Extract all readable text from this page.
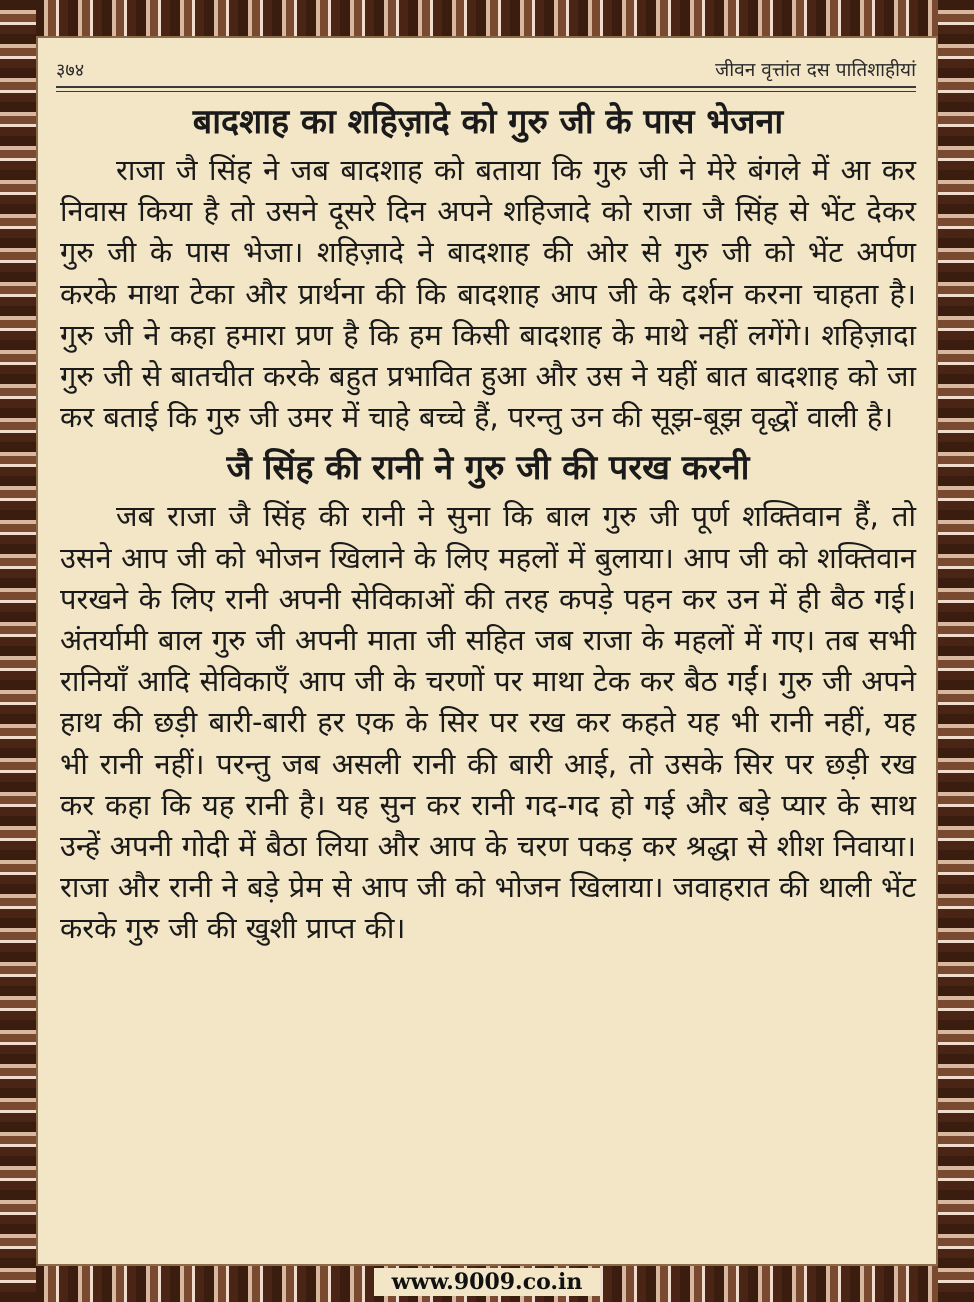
३७४	जीवन वृत्तांत दस पातिशाहीयां
बादशाह का शहिज़ादे को गुरु जी के पास भेजना

राजा जै सिंह ने जब बादशाह को बताया कि गुरु जी ने मेरे बंगले में आ कर निवास किया है तो उसने दूसरे दिन अपने शहिजादे को राजा जै सिंह से भेंट देकर गुरु जी के पास भेजा। शहिज़ादे ने बादशाह की ओर से गुरु जी को भेंट अर्पण करके माथा टेका और प्रार्थना की कि बादशाह आप जी के दर्शन करना चाहता है। गुरु जी ने कहा हमारा प्रण है कि हम किसी बादशाह के माथे नहीं लगेंगे। शहिज़ादा गुरु जी से बातचीत करके बहुत प्रभावित हुआ और उस ने यहीं बात बादशाह को जा कर बताई कि गुरु जी उमर में चाहे बच्चे हैं, परन्तु उन की सूझ-बूझ वृद्धों वाली है।

जै सिंह की रानी ने गुरु जी की परख करनी

जब राजा जै सिंह की रानी ने सुना कि बाल गुरु जी पूर्ण शक्तिवान हैं, तो उसने आप जी को भोजन खिलाने के लिए महलों में बुलाया। आप जी को शक्तिवान परखने के लिए रानी अपनी सेविकाओं की तरह कपड़े पहन कर उन में ही बैठ गई। अंतर्यामी बाल गुरु जी अपनी माता जी सहित जब राजा के महलों में गए। तब सभी रानियाँ आदि सेविकाएँ आप जी के चरणों पर माथा टेक कर बैठ गईं। गुरु जी अपने हाथ की छड़ी बारी-बारी हर एक के सिर पर रख कर कहते यह भी रानी नहीं, यह भी रानी नहीं। परन्तु जब असली रानी की बारी आई, तो उसके सिर पर छड़ी रख कर कहा कि यह रानी है। यह सुन कर रानी गद-गद हो गई और बड़े प्यार के साथ उन्हें अपनी गोदी में बैठा लिया और आप के चरण पकड़ कर श्रद्धा से शीश निवाया। राजा और रानी ने बड़े प्रेम से आप जी को भोजन खिलाया। जवाहरात की थाली भेंट करके गुरु जी की खुशी प्राप्त की।

www.9009.co.in
